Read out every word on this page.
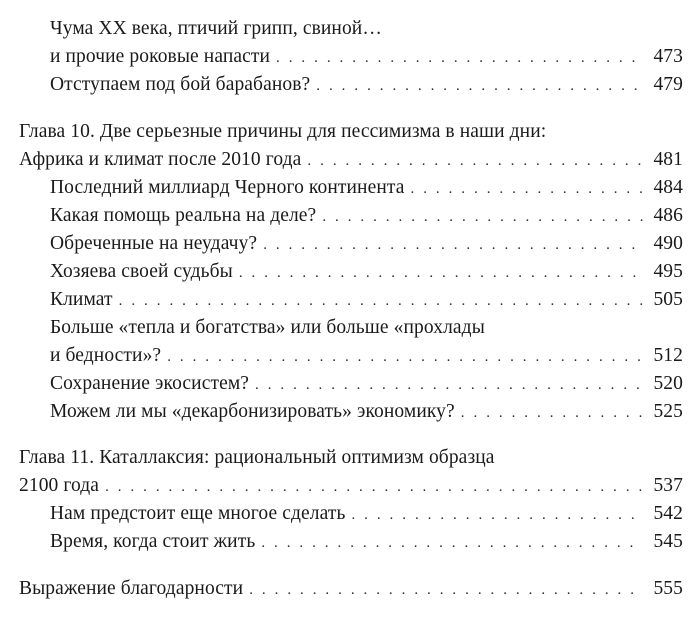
Чума XX века, птичий грипп, свиной…
и прочие роковые напасти . . .	473
Отступаем под бой барабанов? . . .	479
Глава 10. Две серьезные причины для пессимизма в наши дни:
Африка и климат после 2010 года . . .	481
Последний миллиард Черного континента . . .	484
Какая помощь реальна на деле? . . .	486
Обреченные на неудачу? . . .	490
Хозяева своей судьбы . . .	495
Климат . . .	505
Больше «тепла и богатства» или больше «прохлады
и бедности»? . . .	512
Сохранение экосистем? . . .	520
Можем ли мы «декарбонизировать» экономику? . . .	525
Глава 11. Каталлаксия: рациональный оптимизм образца
2100 года . . .	537
Нам предстоит еще многое сделать . . .	542
Время, когда стоит жить . . .	545
Выражение благодарности . . .	555
